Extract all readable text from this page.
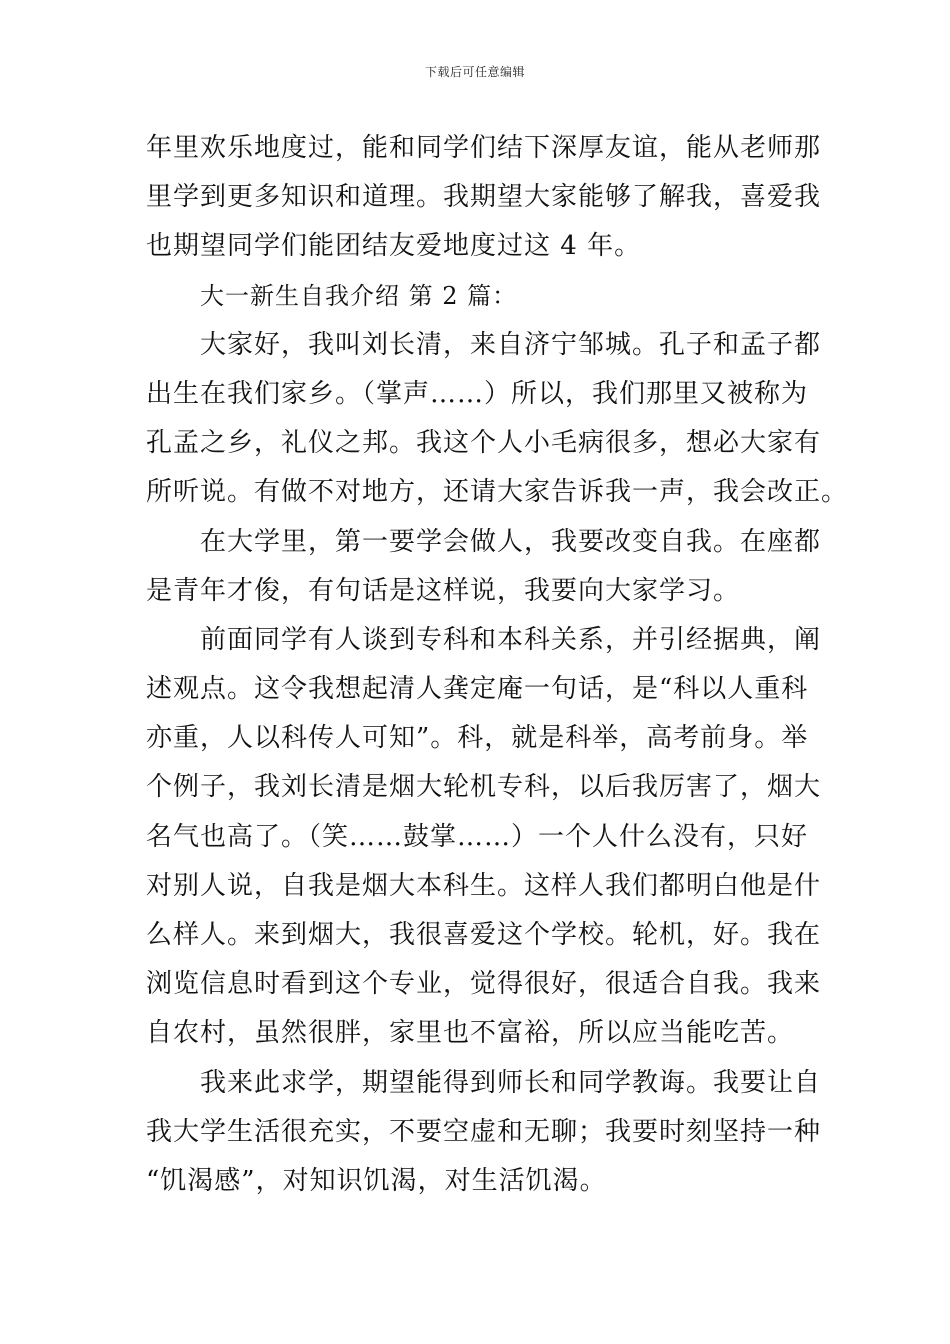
下载后可任意编辑
年里欢乐地度过，能和同学们结下深厚友谊，能从老师那
里学到更多知识和道理。我期望大家能够了解我，喜爱我
也期望同学们能团结友爱地度过这 4 年。
大一新生自我介绍 第 2 篇：
大家好，我叫刘长清，来自济宁邹城。孔子和孟子都
出生在我们家乡。（掌声……）所以，我们那里又被称为
孔孟之乡，礼仪之邦。我这个人小毛病很多，想必大家有
所听说。有做不对地方，还请大家告诉我一声，我会改正。
在大学里，第一要学会做人，我要改变自我。在座都
是青年才俊，有句话是这样说，我要向大家学习。
前面同学有人谈到专科和本科关系，并引经据典，阐
述观点。这令我想起清人龚定庵一句话，是“科以人重科
亦重，人以科传人可知”。科，就是科举，高考前身。举
个例子，我刘长清是烟大轮机专科，以后我厉害了，烟大
名气也高了。（笑……鼓掌……）一个人什么没有，只好
对别人说，自我是烟大本科生。这样人我们都明白他是什
么样人。来到烟大，我很喜爱这个学校。轮机，好。我在
浏览信息时看到这个专业，觉得很好，很适合自我。我来
自农村，虽然很胖，家里也不富裕，所以应当能吃苦。
我来此求学，期望能得到师长和同学教诲。我要让自
我大学生活很充实，不要空虚和无聊；我要时刻坚持一种
“饥渴感”，对知识饥渴，对生活饥渴。
